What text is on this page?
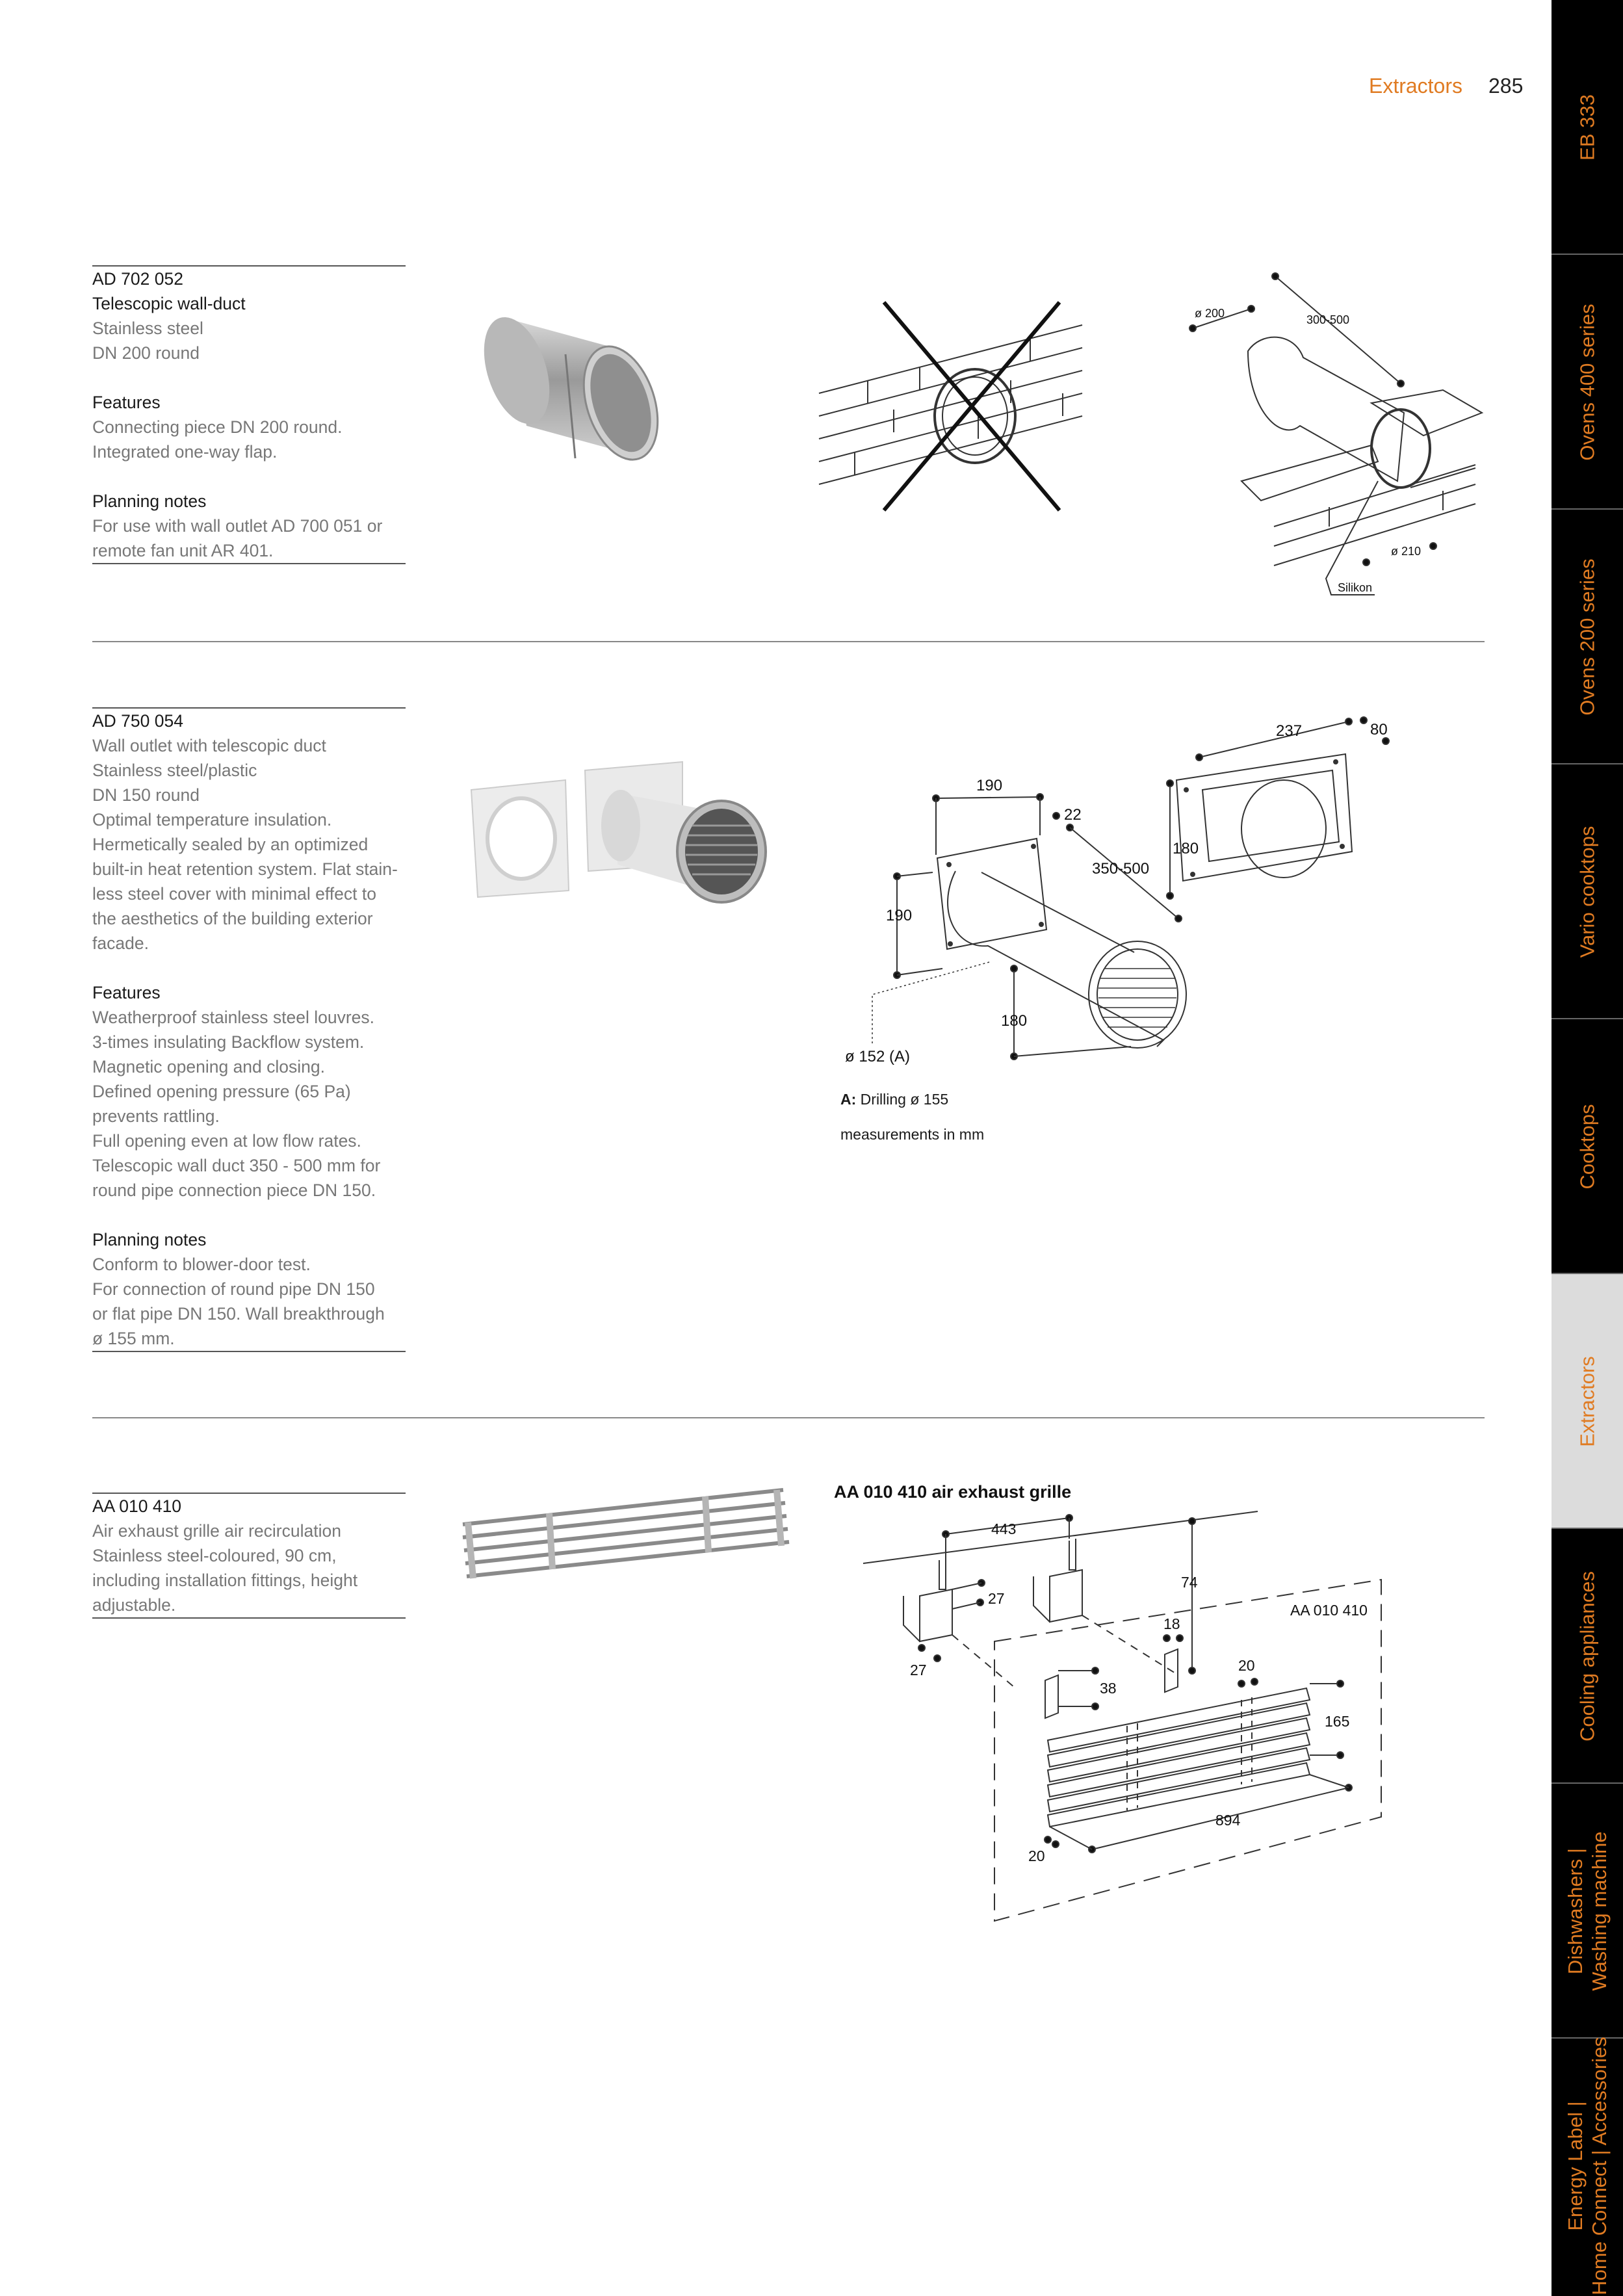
Extractors 285
EB 333
Ovens 400 series
Ovens 200 series
Vario cooktops
Cooktops
Extractors
Cooling appliances
Dishwashers |
Washing machine
Energy Label |
Home Connect | Accessories
AD 702 052
Telescopic wall-duct
Stainless steel
DN 200 round
Features
Connecting piece DN 200 round.
Integrated one-way flap.
Planning notes
For use with wall outlet AD 700 051 or
remote fan unit AR 401.
ø 200	300-500
ø 210
Silikon
AD 750 054
Wall outlet with telescopic duct
Stainless steel/plastic
DN 150 round
Optimal temperature insulation.
Hermetically sealed by an optimized
built-in heat retention system. Flat stain-
less steel cover with minimal effect to
the aesthetics of the building exterior
facade.
Features
Weatherproof stainless steel louvres.
3-times insulating Backflow system.
Magnetic opening and closing.
Defined opening pressure (65 Pa)
prevents rattling.
Full opening even at low flow rates.
Telescopic wall duct 350 - 500 mm for
round pipe connection piece DN 150.
Planning notes
Conform to blower-door test.
For connection of round pipe DN 150
or flat pipe DN 150. Wall breakthrough
ø 155 mm.
190
22
350-500
190
180
ø 152 (A)
237	80
180
A: Drilling ø 155
measurements in mm
AA 010 410
Air exhaust grille air recirculation
Stainless steel-coloured, 90 cm,
including installation fittings, height
adjustable.
AA 010 410 air exhaust grille
443
74
27
27
18
38
20
165
894
20
AA 010 410
